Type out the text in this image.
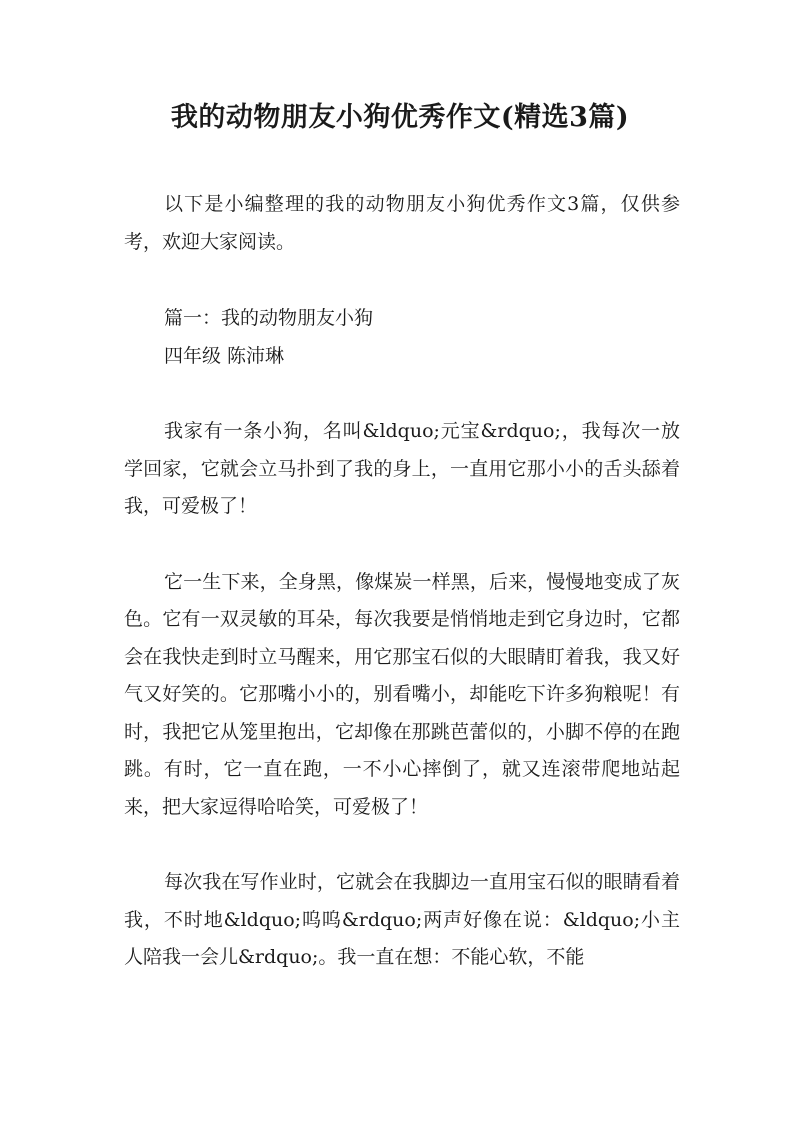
我的动物朋友小狗优秀作文(精选3篇)

以下是小编整理的我的动物朋友小狗优秀作文3篇，仅供参考，欢迎大家阅读。

篇一：我的动物朋友小狗

四年级 陈沛琳

我家有一条小狗，名叫&ldquo;元宝&rdquo;，我每次一放学回家，它就会立马扑到了我的身上，一直用它那小小的舌头舔着我，可爱极了！

它一生下来，全身黑，像煤炭一样黑，后来，慢慢地变成了灰色。它有一双灵敏的耳朵，每次我要是悄悄地走到它身边时，它都会在我快走到时立马醒来，用它那宝石似的大眼睛盯着我，我又好气又好笑的。它那嘴小小的，别看嘴小，却能吃下许多狗粮呢！有时，我把它从笼里抱出，它却像在那跳芭蕾似的，小脚不停的在跑跳。有时，它一直在跑，一不小心摔倒了，就又连滚带爬地站起来，把大家逗得哈哈笑，可爱极了！

每次我在写作业时，它就会在我脚边一直用宝石似的眼睛看着我，不时地&ldquo;呜呜&rdquo;两声好像在说：&ldquo;小主人陪我一会儿&rdquo;。我一直在想：不能心软，不能
